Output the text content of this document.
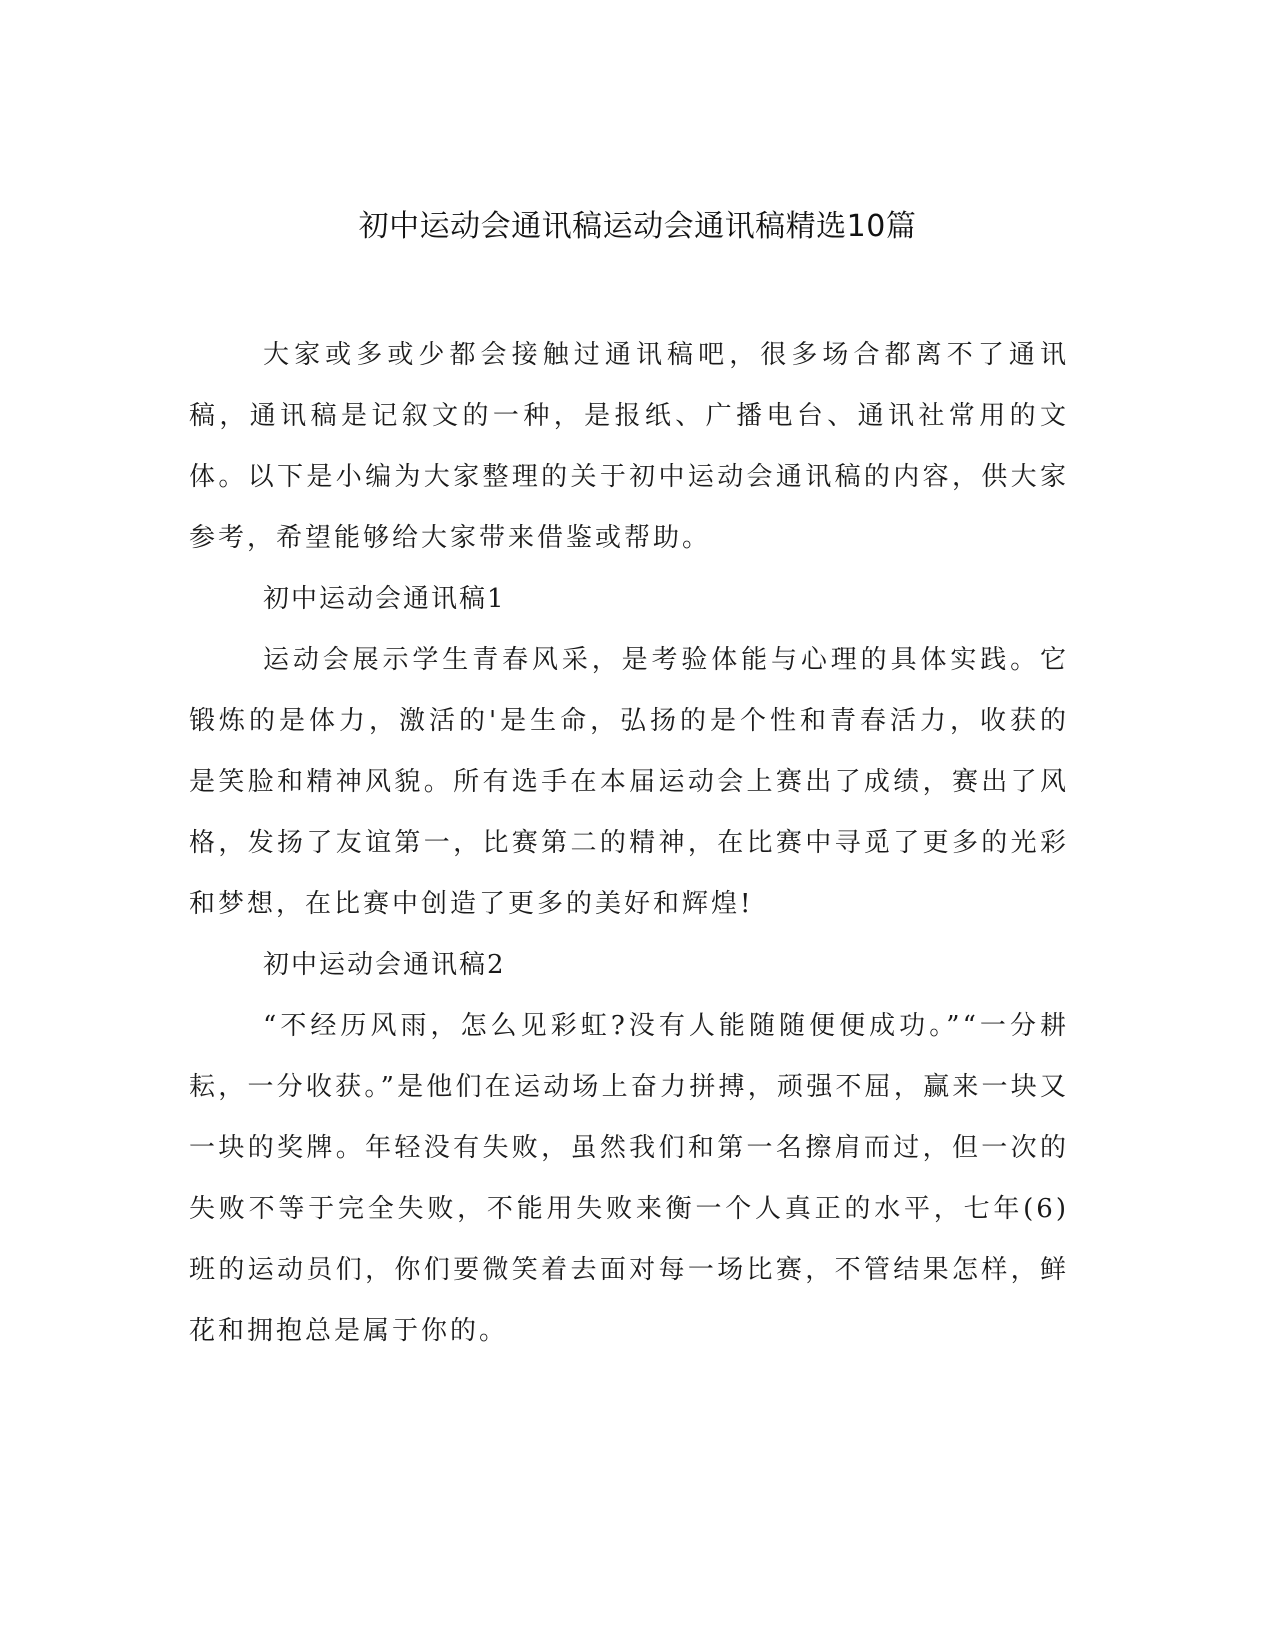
初中运动会通讯稿运动会通讯稿精选10篇

大家或多或少都会接触过通讯稿吧，很多场合都离不了通讯稿，通讯稿是记叙文的一种，是报纸、广播电台、通讯社常用的文体。以下是小编为大家整理的关于初中运动会通讯稿的内容，供大家参考，希望能够给大家带来借鉴或帮助。

初中运动会通讯稿1

运动会展示学生青春风采，是考验体能与心理的具体实践。它锻炼的是体力，激活的'是生命，弘扬的是个性和青春活力，收获的是笑脸和精神风貌。所有选手在本届运动会上赛出了成绩，赛出了风格，发扬了友谊第一，比赛第二的精神，在比赛中寻觅了更多的光彩和梦想，在比赛中创造了更多的美好和辉煌!

初中运动会通讯稿2

“不经历风雨，怎么见彩虹?没有人能随随便便成功。”“一分耕耘，一分收获。”是他们在运动场上奋力拼搏，顽强不屈，赢来一块又一块的奖牌。年轻没有失败，虽然我们和第一名擦肩而过，但一次的失败不等于完全失败，不能用失败来衡一个人真正的水平，七年(6)班的运动员们，你们要微笑着去面对每一场比赛，不管结果怎样，鲜花和拥抱总是属于你的。
